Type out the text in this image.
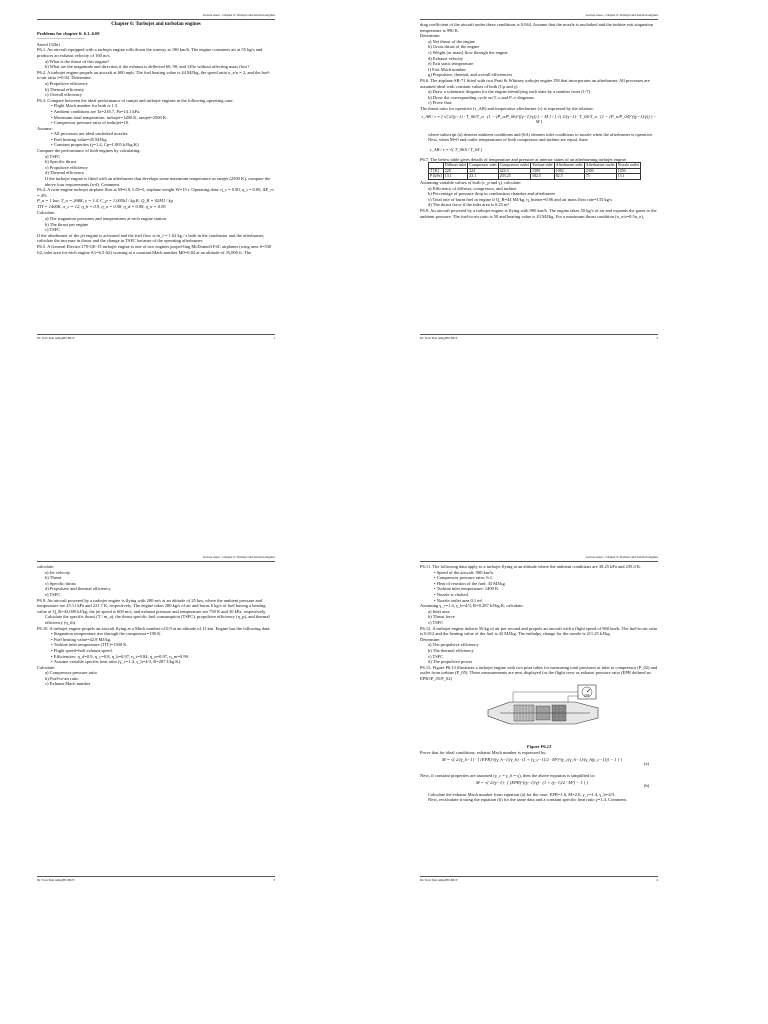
Lecture notes - Chapter 6: Turbojet and turbofan engines
Chapter 6: Turbojet and turbofan engines
Problems for chapter 6: 6.1–6.69
--------------------------------
Saeed (32bt)
P6.1. An aircraft equipped with a turbojet engine rolls down the runway at 180 km/h. The engine consumes air at 55 kg/s and produces an exhaust velocity of 160 m/s.
a) What is the thrust of this engine?
b) What are the magnitude and direction if the exhaust is deflected 60, 90, and 120o without affecting mass flow?
P6.2. A turbojet engine propels an aircraft at 600 mph. The fuel heating value is 44 MJ/kg, the speed ratio u_e/u = 2, and the fuel-to-air ratio f=0.02. Determine:
a) Propulsive efficiency
b) Thermal efficiency
c) Overall efficiency
P6.3. Compare between the ideal performance of ramjet and turbojet engines in the following operating case:
• Flight Mach number for both is 1.5.
• Ambient conditions are Ta=216.7, Pa=14.1 kPa.
• Maximum total temperature: turbojet=1400 K, ramjet=2500 K.
• Compressor pressure ratio of turbojet=10.
Assume:
• All processes are ideal unchoked nozzles
• Fuel heating value=45 MJ/kg
• Constant properties (γ=1.4, Cp=1.005 kJ/kg.K)
Compare the performance of both engines by calculating:
a) TSFC
b) Specific thrust
c) Propulsive efficiency
d) Thermal efficiency
If the turbojet engine is fitted with an afterburner that develops some maximum temperature as ramjet (2500 K), compute the above four requirements (a-d). Comment.
P6.4. A twin-engine turbojet airplane flies at M=0.8, L/D=5, airplane weight W=15 t. Operating data: η_c = 0.90, η_t = 0.00, ΔP_cc = 4%
P_a = 1 bar, T_a = 268K, γ = 1.4, C_p = 1.005kJ / kg.K, Q_R = 42MJ / kg
TIT = 1400K, π_c = 12, η_b = 0.9, η_n = 0.98, η_d = 0.98, η_n = 0.95
Calculate:
a) The stagnation pressures and temperatures at each engine station
b) The thrust per engine
c) TSFC
If the afterburner of the jet engine is activated and the fuel flow is ṁ_f = 1.62 kg / s both in the combustor and the afterburner, calculate the increase in thrust and the change in TSFC because of the operating afterburner.
P6.5. A General Electric J79-GE-15 turbojet engine is one of two engines propel-ling McDonnell F4C airplanes (wing area S=530 ft2, inlet area for each engine A1=6.5 ft2) cruising at a constant Mach number M0=0.84 at an altitude of 35,000 ft. The
Dr. Tran Tien Anh@HCMUT	1
Lecture notes - Chapter 6: Turbojet and turbofan engines
drag coefficient of the aircraft under these conditions is 0.044. Assume that the nozzle is unchoked and the turbine exit stagnation temperature is 990 K.
Determine:
a) Net thrust of the engine
b) Gross thrust of the engine
c) Weight (or mass) flow through the engine
d) Exhaust velocity
e) Exit static temperature
f) Exit Mach number
g) Propulsive, thermal, and overall efficiencies
P6.6. The airplane SR-71 fitted with two Pratt & Whitney turbojet engine J58 that incorporates an afterburner. All processes are assumed ideal with constant values of both (Cp and γ).
a) Draw a schematic diagram for the engine identifying each state by a number from (1-7).
b) Draw the corresponding cycle on T–s and P–v diagrams.
c) Prove that:
The thrust ratio for operative (τ_AB) and inoperative afterburner (τ) is expressed by the relation:
τ_AB / τ = [ √( 2/(γ−1) · T_06/T_a · (1 − (P_a/P_06)^((γ−1)/γ)) ) − M ] / [ √( 2/(γ−1) · T_04/T_a · (1 − (P_a/P_04)^((γ−1)/γ)) ) − M ]
where subscript (a) denotes ambient conditions and (6A) denotes inlet conditions to nozzle when the afterburner is operative.
Next, when M=0 and outlet temperatures of both compressor and turbine are equal, then:
τ_AB / τ = √( T_06A / T_04 )
P6.7. The below table gives details of temperature and pressure at interior states of an afterburning turbojet engine.
	Diffuser inlet	Compressor inlet	Compressor outlet	Turbine inlet	Afterburner inlet	Afterburner outlet	Nozzle outlet
T [K]	220	224	424.3	1300	1082	2300	1450
P [kPa]	13.1	23.1	203.25	182.5	82.5	75	13.1
Assuming variable values of both (c_p and γ), calculate:
a) Efficiency of diffuser, compressor, and turbine
b) Percentage of pressure drop in combustion chamber and afterburner
c) Total rate of burnt fuel in engine if Q_R=44 MJ/kg, η_burner=0.96 and air mass flow rate=135 kg/s
d) The thrust force if the inlet area is 0.25 m²
P6.8. An aircraft powered by a turbojet engine is flying with 900 km/h. The engine takes 50 kg/s of air and expands the gases to the ambient pressure. The fuel-to-air ratio is 50 and heating value is 43 MJ/kg. For a maximum thrust condition (u_e/u=0.5u_e),
Dr. Tran Tien Anh@HCMUT	2
Lecture notes - Chapter 6: Turbojet and turbofan engines
calculate:
a) Jet velocity
b) Thrust
c) Specific thrust
d) Propulsive and thermal efficiency
e) TSFC
P6.9. An aircraft powered by a turbojet engine is flying with 280 m/s at an altitude of 25 km, where the ambient pressure and temperature are 25.11 kPa and 221.7 K, respectively. The engine takes 280 kg/s of air and burns 6 kg/s of fuel having a heating value of Q_R=43,000 kJ/kg, the jet speed is 600 m/s, and exhaust pressure and temperature are 750 K and 30 kPa, respectively.
Calculate the specific thrust (T / ṁ_a), the thrust specific fuel consumption (TSFC), propulsive efficiency (η_p), and thermal efficiency (η_th).
P6.10. A turbojet engine propels an aircraft flying at a Mach number of 0.9 at an altitude of 11 km. Engine has the following data:
• Stagnation temperature rise through the compressor=190 K.
• Fuel heating value=42.8 MJ/kg.
• Turbine inlet temperature (TIT)=1300 K.
• Flight speed=half exhaust speed.
• Efficiencies: η_d=0.9, η_c=0.8, η_b=0.97, η_t=0.84, η_n=0.97, η_m=0.99.
• Assume variable specific heat ratio (γ_c=1.4, γ_h=4/3, R=287 J/kg.K).
Calculate:
a) Compressor pressure ratio
b) Fuel-to-air ratio
c) Exhaust Mach number
Dr. Tran Tien Anh@HCMUT	3
Lecture notes - Chapter 6: Turbojet and turbofan engines
P6.11. The following data apply to a turbojet flying at an altitude where the ambient conditions are 38.25 kPa and 239.4 K.
• Speed of the aircraft: 900 km/h.
• Compressor pressure ratio: 6:1.
• Heat of reaction of the fuel: 43 MJ/kg.
• Turbine inlet temperature: 1400 K.
• Nozzle is choked.
• Nozzle outlet area 0.1 m².
Assuming γ_c=1.4, γ_h=4/3, R=0.287 kJ/kg.K; calculate:
a) Inlet area
b) Thrust force
c) TSFC
P6.12. A turbojet engine inducts 50 kg of air per second and propels an aircraft with a flight speed of 960 km/h. The fuel-to-air ratio is 0.012 and the heating value of the fuel is 43 MJ/kg. The enthalpy change for the nozzle is 211.25 kJ/kg.
Determine:
a) The propulsive efficiency
b) The thermal efficiency
c) TSFC
d) The propulsive power
P6.13. Figure P6.13 illustrates a turbojet engine with two pitot tubes for measuring total pressures at inlet to compressor (P_02) and outlet from turbine (P_05). These measurements are next displayed for the flight crew as exhaust pressure ratio (EPR defined as: EPR≡P_05/P_02)
EPR
Figure P6.13
Prove that for ideal conditions, exhaust Mach number is expressed by:
M = √( 2/(γ_h−1) · [ (EPR)^((γ_h−1)/γ_h) · (1 + (γ_c−1)/2 · M²)^(γ_c(γ_h−1)/(γ_h(γ_c−1))) − 1 ] )
(a)
Next, if constant properties are assumed (γ_c = γ_h = γ), then the above equation is simplified to:
M = √( 2/(γ−1) · [ (EPR)^((γ−1)/γ) · (1 + (γ−1)/2 · M²) − 1 ] )
(b)
Calculate the exhaust Mach number from equation (a) for the case: EPR=1.6, M=2.0, γ_c=1.4, γ_h=4/3.
Next, recalculate it using the equation (b) for the same data and a constant specific heat ratio γ=1.4. Comment.
Dr. Tran Tien Anh@HCMUT	4
